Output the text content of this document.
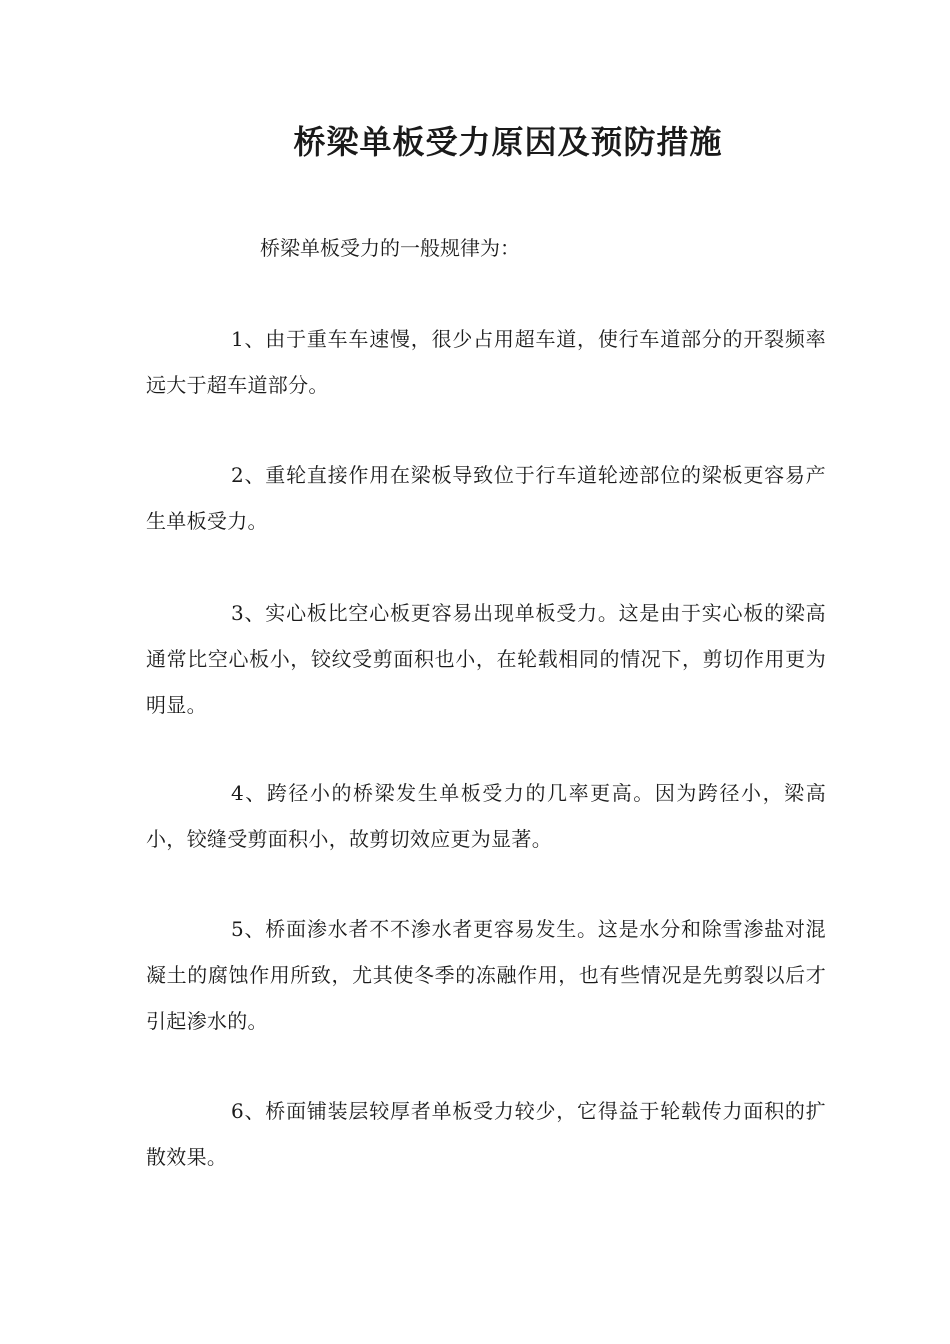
桥梁单板受力原因及预防措施

桥梁单板受力的一般规律为：

1、由于重车车速慢，很少占用超车道，使行车道部分的开裂频率远大于超车道部分。

2、重轮直接作用在梁板导致位于行车道轮迹部位的梁板更容易产生单板受力。

3、实心板比空心板更容易出现单板受力。这是由于实心板的梁高通常比空心板小，铰纹受剪面积也小，在轮载相同的情况下，剪切作用更为明显。

4、跨径小的桥梁发生单板受力的几率更高。因为跨径小，梁高小，铰缝受剪面积小，故剪切效应更为显著。

5、桥面渗水者不不渗水者更容易发生。这是水分和除雪渗盐对混凝土的腐蚀作用所致，尤其使冬季的冻融作用，也有些情况是先剪裂以后才引起渗水的。

6、桥面铺装层较厚者单板受力较少，它得益于轮载传力面积的扩散效果。
